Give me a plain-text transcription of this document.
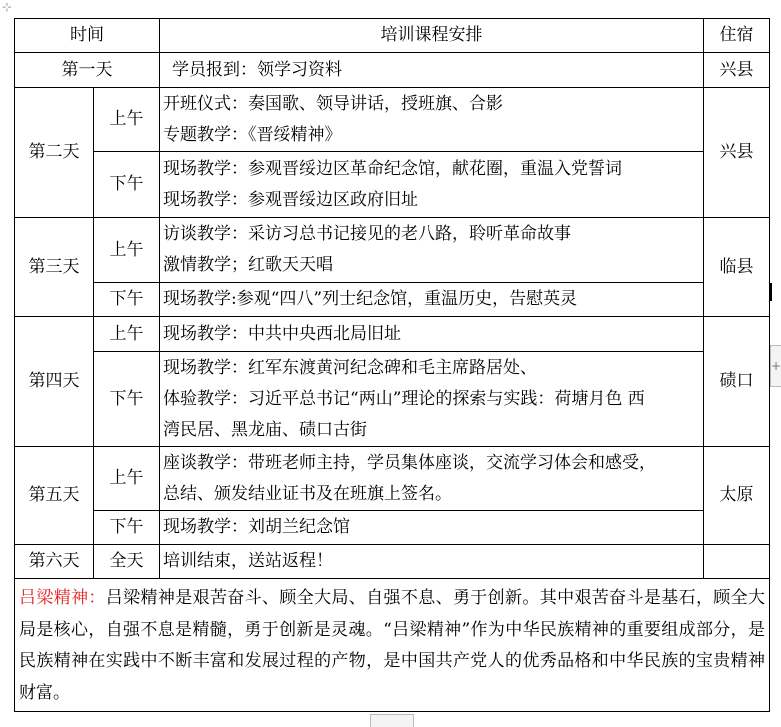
⊹
时间		培训课程安排	住宿
第一天		学员报到：领学习资料	兴县
第二天	上午	开班仪式：奏国歌、领导讲话，授班旗、合影
专题教学：《晋绥精神》	兴县
	下午	现场教学：参观晋绥边区革命纪念馆，献花圈，重温入党誓词
现场教学：参观晋绥边区政府旧址	

第三天	上午	访谈教学：采访习总书记接见的老八路，聆听革命故事
激情教学；红歌天天唱	临县
	下午	现场教学:参观“四八”列士纪念馆，重温历史，告慰英灵	

第四天	上午	现场教学：中共中央西北局旧址	碛口
	下午	现场教学：红军东渡黄河纪念碑和毛主席路居处、
体验教学：习近平总书记“两山”理论的探索与实践：荷塘月色 西
湾民居、黑龙庙、碛口古街	

第五天	上午	座谈教学：带班老师主持，学员集体座谈，交流学习体会和感受，
总结、颁发结业证书及在班旗上签名。	太原
	下午	现场教学：刘胡兰纪念馆	

第六天	全天	培训结束，送站返程！	

吕梁精神：吕梁精神是艰苦奋斗、顾全大局、自强不息、勇于创新。其中艰苦奋斗是基石，顾全大局是核心，自强不息是精髓，勇于创新是灵魂。“吕梁精神”作为中华民族精神的重要组成部分，是民族精神在实践中不断丰富和发展过程的产物，是中国共产党人的优秀品格和中华民族的宝贵精神财富。			
+
